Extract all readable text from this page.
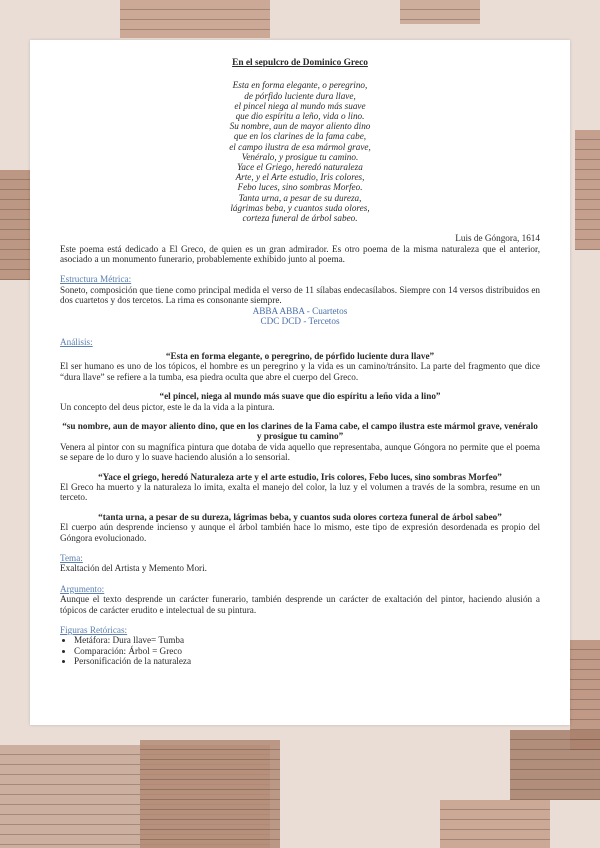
En el sepulcro de Dominico Greco
Esta en forma elegante, o peregrino,
de pórfido luciente dura llave,
el pincel niega al mundo más suave
que dio espíritu a leño, vida o lino.
Su nombre, aun de mayor aliento dino
que en los clarines de la fama cabe,
el campo ilustra de esa mármol grave,
Venéralo, y prosigue tu camino.
Yace el Griego, heredó naturaleza
Arte, y el Arte estudio, Iris colores,
Febo luces, sino sombras Morfeo.
Tanta urna, a pesar de su dureza,
lágrimas beba, y cuantos suda olores,
corteza funeral de árbol sabeo.
Luis de Góngora, 1614

Este poema está dedicado a El Greco, de quien es un gran admirador. Es otro poema de la misma naturaleza que el anterior, asociado a un monumento funerario, probablemente exhibido junto al poema.

Estructura Métrica:

Soneto, composición que tiene como principal medida el verso de 11 sílabas endecasílabos. Siempre con 14 versos distribuidos en dos cuartetos y dos tercetos. La rima es consonante siempre.

ABBA ABBA - Cuartetos
CDC DCD - Tercetos
Análisis:
“Esta en forma elegante, o peregrino, de pórfido luciente dura llave”

El ser humano es uno de los tópicos, el hombre es un peregrino y la vida es un camino/tránsito. La parte del fragmento que dice “dura llave” se refiere a la tumba, esa piedra oculta que abre el cuerpo del Greco.

“el pincel, niega al mundo más suave que dio espíritu a leño vida a lino”

Un concepto del deus pictor, este le da la vida a la pintura.

“su nombre, aun de mayor aliento dino, que en los clarines de la Fama cabe, el campo ilustra este mármol grave, venéralo y prosigue tu camino”

Venera al pintor con su magnífica pintura que dotaba de vida aquello que representaba, aunque Góngora no permite que el poema se separe de lo duro y lo suave haciendo alusión a lo sensorial.

“Yace el griego, heredó Naturaleza arte y el arte estudio, Iris colores, Febo luces, sino sombras Morfeo”

El Greco ha muerto y la naturaleza lo imita, exalta el manejo del color, la luz y el volumen a través de la sombra, resume en un terceto.

“tanta urna, a pesar de su dureza, lágrimas beba, y cuantos suda olores corteza funeral de árbol sabeo”

El cuerpo aún desprende incienso y aunque el árbol también hace lo mismo, este tipo de expresión desordenada es propio del Góngora evolucionado.

Tema:

Exaltación del Artista y Memento Mori.

Argumento:

Aunque el texto desprende un carácter funerario, también desprende un carácter de exaltación del pintor, haciendo alusión a tópicos de carácter erudito e intelectual de su pintura.

Figuras Retóricas:
• Metáfora: Dura llave= Tumba
• Comparación: Árbol = Greco
• Personificación de la naturaleza
